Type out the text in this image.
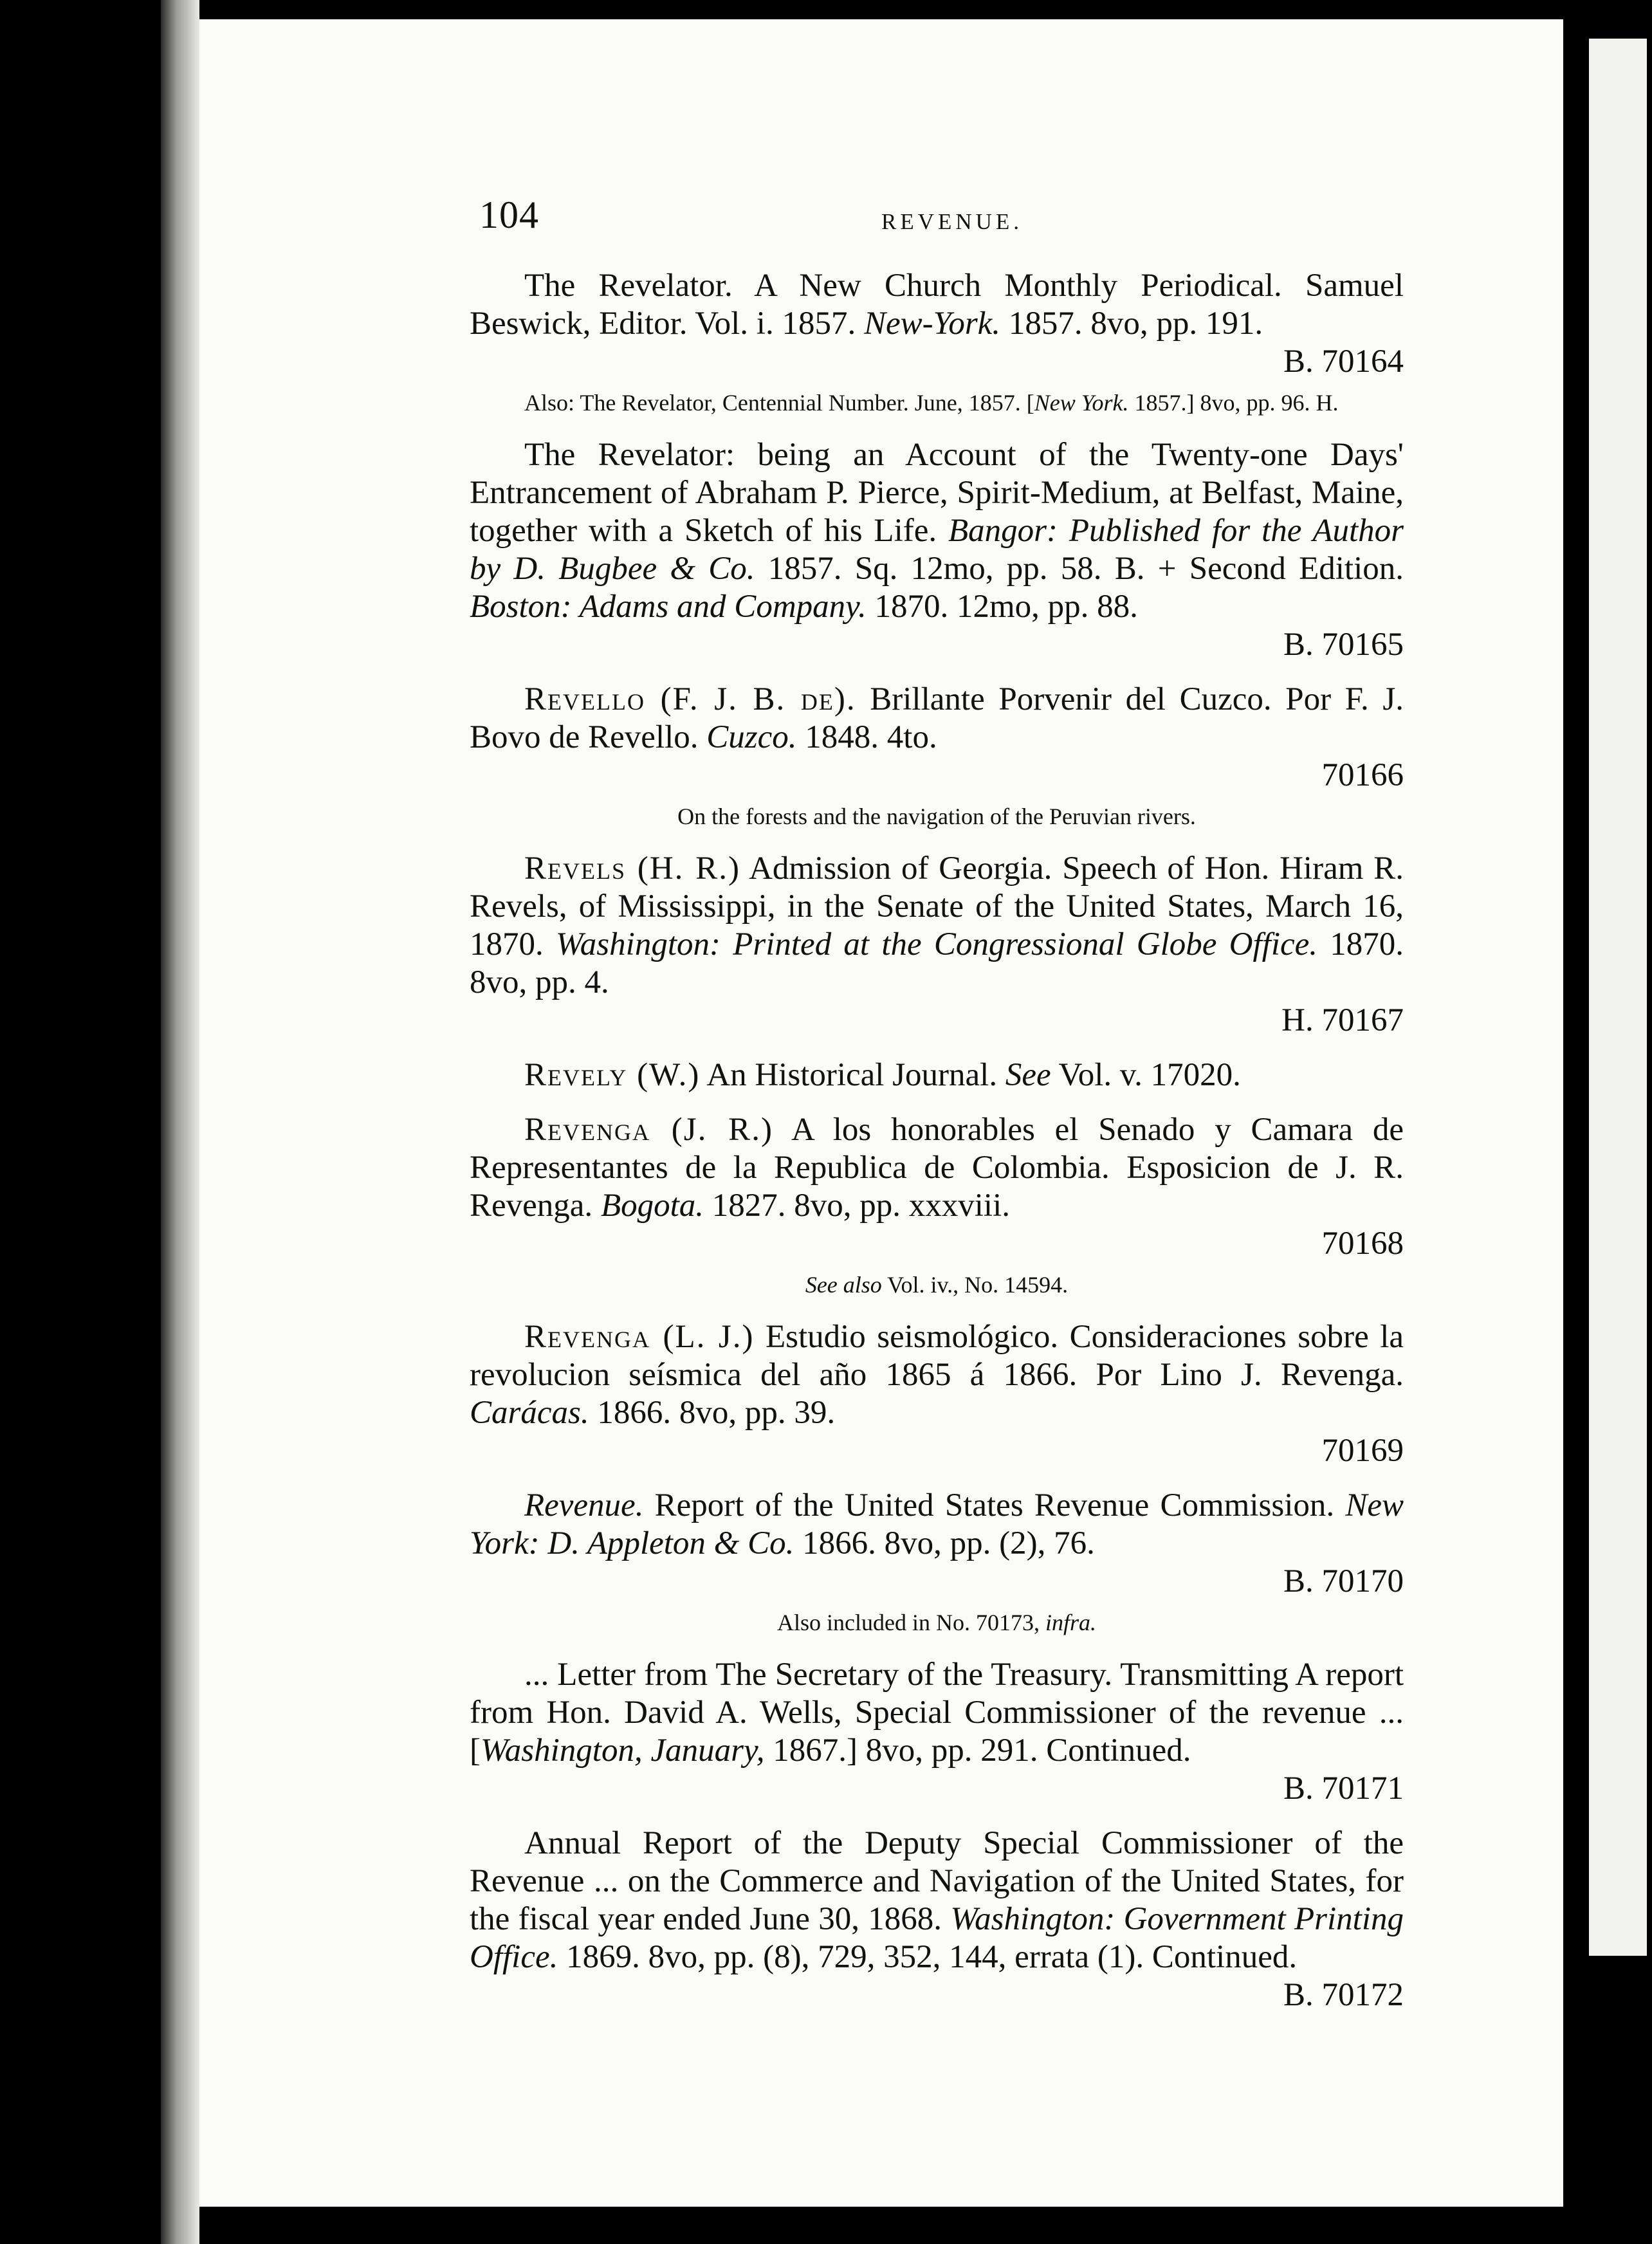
104	REVENUE.

The Revelator. A New Church Monthly Periodical. Samuel Beswick, Editor. Vol. i. 1857. New-York. 1857. 8vo, pp. 191.
B. 70164

Also: The Revelator, Centennial Number. June, 1857. [New York. 1857.] 8vo, pp. 96. H.

The Revelator: being an Account of the Twenty-one Days' Entrancement of Abraham P. Pierce, Spirit-Medium, at Belfast, Maine, together with a Sketch of his Life. Bangor: Published for the Author by D. Bugbee & Co. 1857. Sq. 12mo, pp. 58. B. + Second Edition. Boston: Adams and Company. 1870. 12mo, pp. 88.
B. 70165

Revello (F. J. B. de). Brillante Porvenir del Cuzco. Por F. J. Bovo de Revello. Cuzco. 1848. 4to.
70166

On the forests and the navigation of the Peruvian rivers.

Revels (H. R.) Admission of Georgia. Speech of Hon. Hiram R. Revels, of Mississippi, in the Senate of the United States, March 16, 1870. Washington: Printed at the Congressional Globe Office. 1870. 8vo, pp. 4.
H. 70167

Revely (W.) An Historical Journal. See Vol. v. 17020.

Revenga (J. R.) A los honorables el Senado y Camara de Representantes de la Republica de Colombia. Esposicion de J. R. Revenga. Bogota. 1827. 8vo, pp. xxxviii.
70168

See also Vol. iv., No. 14594.

Revenga (L. J.) Estudio seismológico. Consideraciones sobre la revolucion seísmica del año 1865 á 1866. Por Lino J. Revenga. Carácas. 1866. 8vo, pp. 39.
70169

Revenue. Report of the United States Revenue Commission. New York: D. Appleton & Co. 1866. 8vo, pp. (2), 76.
B. 70170

Also included in No. 70173, infra.

... Letter from The Secretary of the Treasury. Transmitting A report from Hon. David A. Wells, Special Commissioner of the revenue ... [Washington, January, 1867.] 8vo, pp. 291. Continued.
B. 70171

Annual Report of the Deputy Special Commissioner of the Revenue ... on the Commerce and Navigation of the United States, for the fiscal year ended June 30, 1868. Washington: Government Printing Office. 1869. 8vo, pp. (8), 729, 352, 144, errata (1). Continued.
B. 70172
